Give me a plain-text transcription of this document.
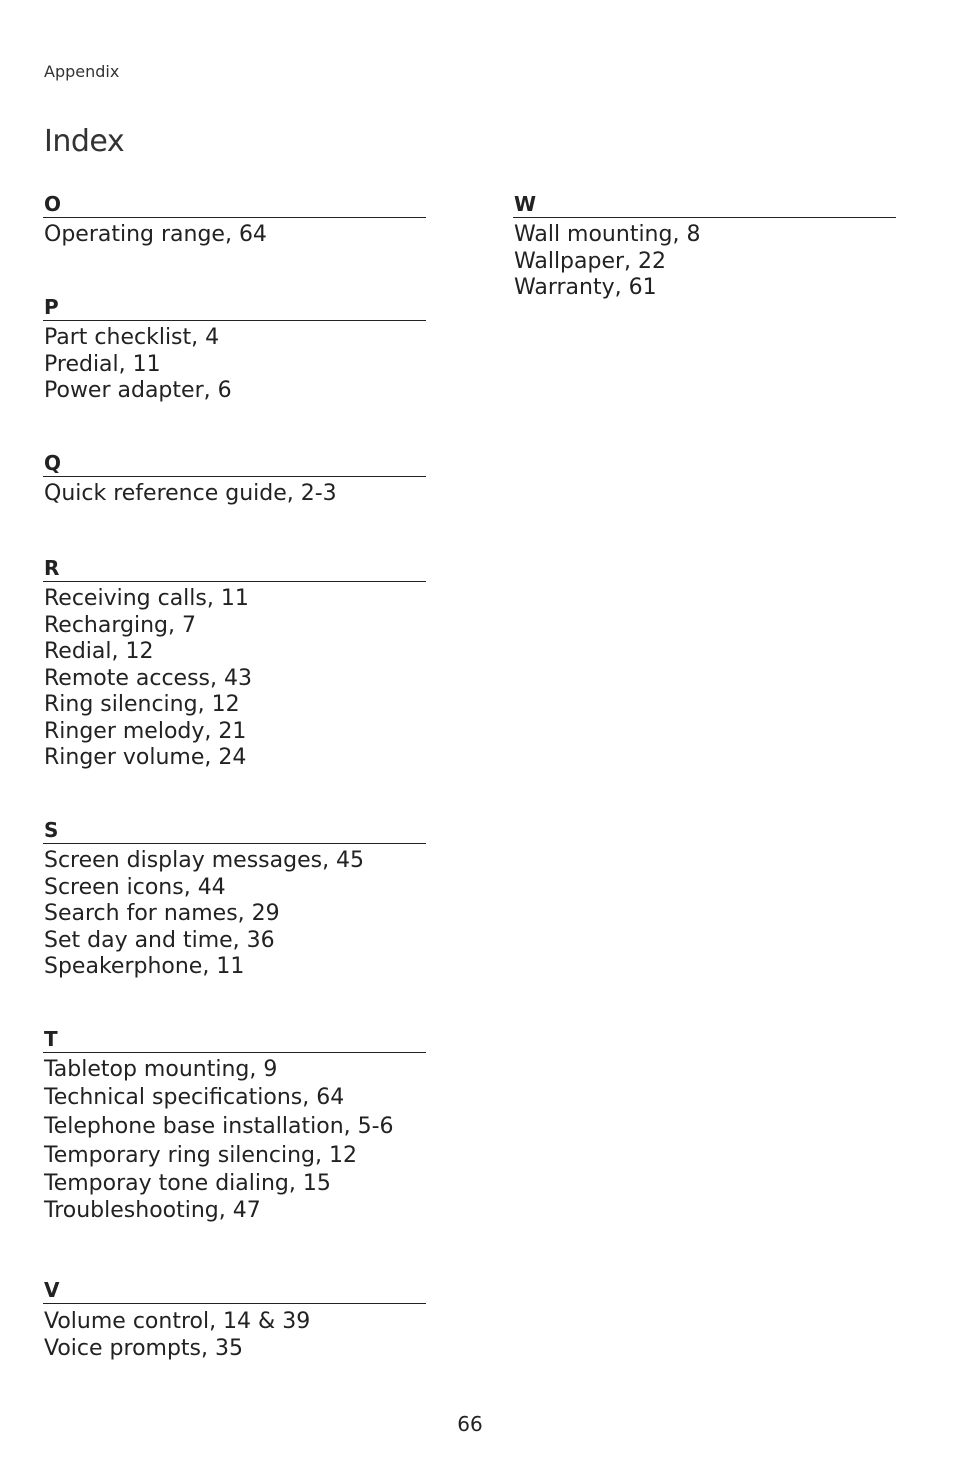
Appendix
Index
O
Operating range, 64
P
Part checklist, 4
Predial, 11
Power adapter, 6
Q
Quick reference guide, 2-3
R
Receiving calls, 11
Recharging, 7
Redial, 12
Remote access, 43
Ring silencing, 12
Ringer melody, 21
Ringer volume, 24
S
Screen display messages, 45
Screen icons, 44
Search for names, 29
Set day and time, 36
Speakerphone, 11
T
Tabletop mounting, 9
Technical specifications, 64
Telephone base installation, 5-6
Temporary ring silencing, 12
Temporay tone dialing, 15
Troubleshooting, 47
V
Volume control, 14 & 39
Voice prompts, 35
W
Wall mounting, 8
Wallpaper, 22
Warranty, 61
66
